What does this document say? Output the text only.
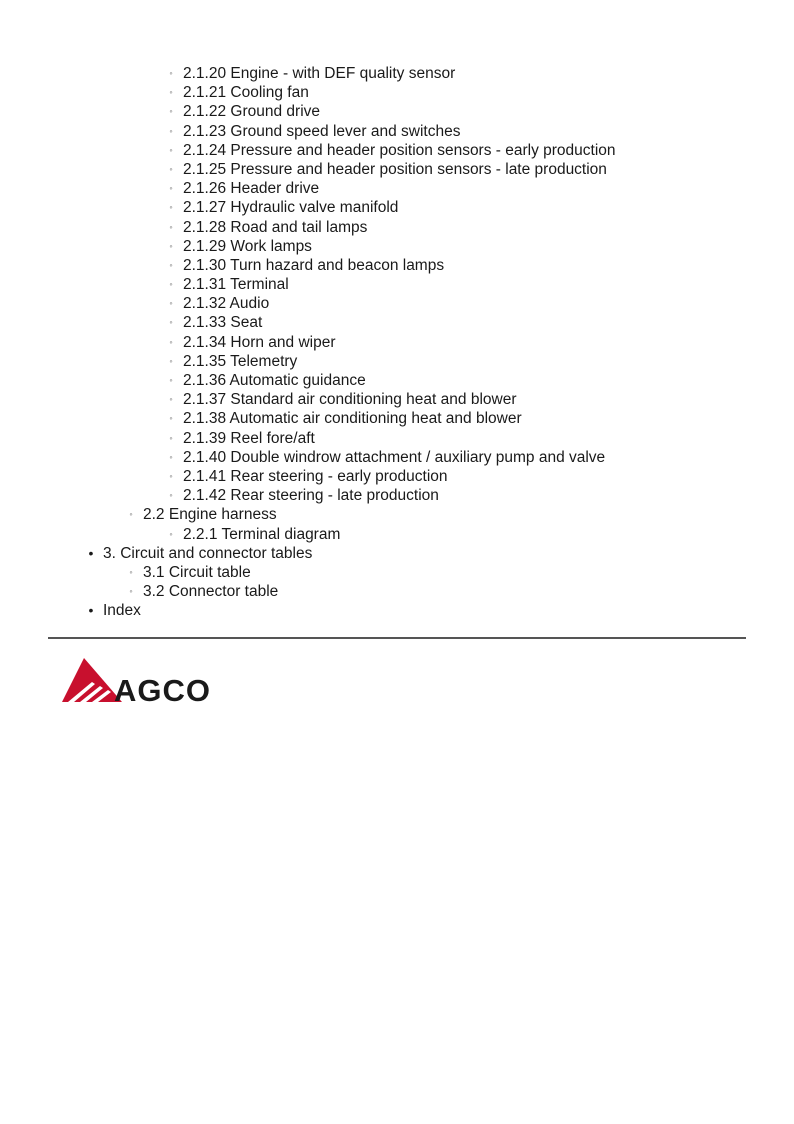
◦ 2.1.20 Engine - with DEF quality sensor
◦ 2.1.21 Cooling fan
◦ 2.1.22 Ground drive
◦ 2.1.23 Ground speed lever and switches
◦ 2.1.24 Pressure and header position sensors - early production
◦ 2.1.25 Pressure and header position sensors - late production
◦ 2.1.26 Header drive
◦ 2.1.27 Hydraulic valve manifold
◦ 2.1.28 Road and tail lamps
◦ 2.1.29 Work lamps
◦ 2.1.30 Turn hazard and beacon lamps
◦ 2.1.31 Terminal
◦ 2.1.32 Audio
◦ 2.1.33 Seat
◦ 2.1.34 Horn and wiper
◦ 2.1.35 Telemetry
◦ 2.1.36 Automatic guidance
◦ 2.1.37 Standard air conditioning heat and blower
◦ 2.1.38 Automatic air conditioning heat and blower
◦ 2.1.39 Reel fore/aft
◦ 2.1.40 Double windrow attachment / auxiliary pump and valve
◦ 2.1.41 Rear steering - early production
◦ 2.1.42 Rear steering - late production
◦ 2.2 Engine harness
◦ 2.2.1 Terminal diagram
• 3. Circuit and connector tables
◦ 3.1 Circuit table
◦ 3.2 Connector table
• Index
AGCO
